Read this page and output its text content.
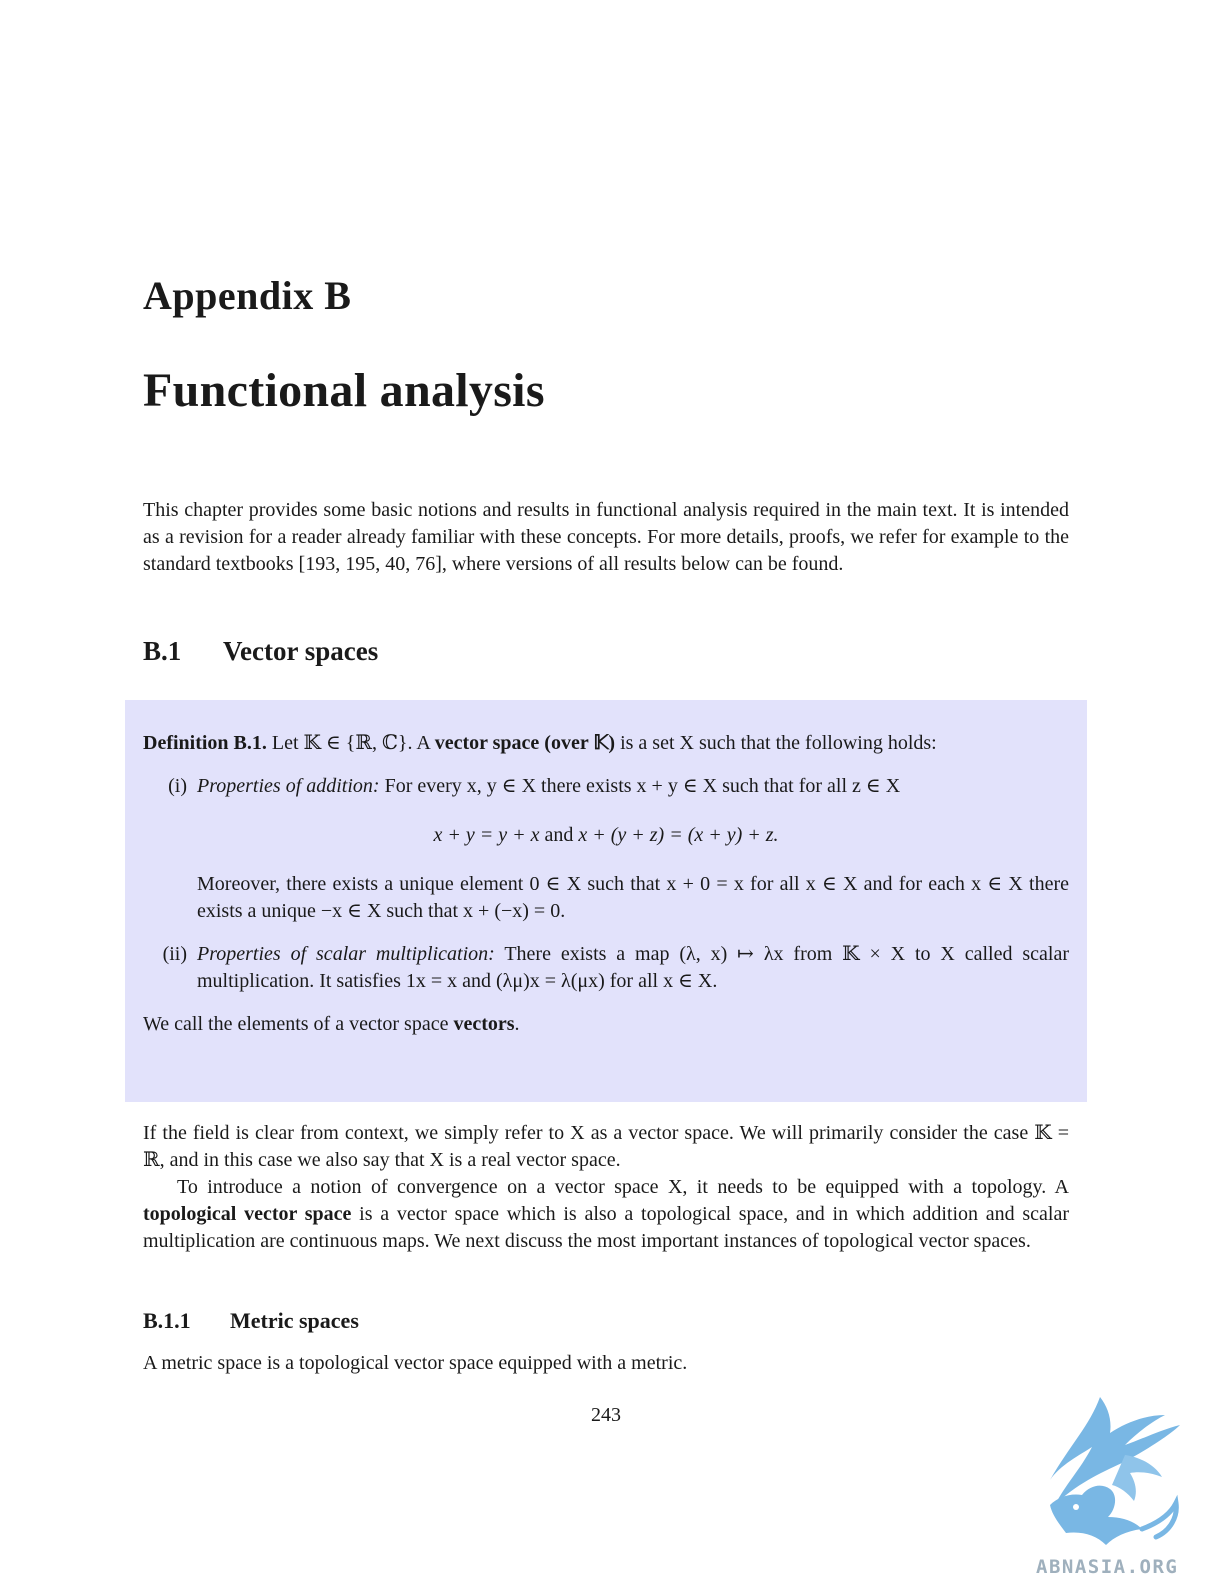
Appendix B
Functional analysis
This chapter provides some basic notions and results in functional analysis required in the main text. It is intended as a revision for a reader already familiar with these concepts. For more details, proofs, we refer for example to the standard textbooks [193, 195, 40, 76], where versions of all results below can be found.
B.1 Vector spaces

Definition B.1. Let 𝕂 ∈ {ℝ, ℂ}. A vector space (over 𝕂) is a set X such that the following holds:

(i) Properties of addition: For every x, y ∈ X there exists x + y ∈ X such that for all z ∈ X

x + y = y + x and x + (y + z) = (x + y) + z.

Moreover, there exists a unique element 0 ∈ X such that x + 0 = x for all x ∈ X and for each x ∈ X there exists a unique −x ∈ X such that x + (−x) = 0.

(ii) Properties of scalar multiplication: There exists a map (λ, x) ↦ λx from 𝕂 × X to X called scalar multiplication. It satisfies 1x = x and (λμ)x = λ(μx) for all x ∈ X.

We call the elements of a vector space vectors.

If the field is clear from context, we simply refer to X as a vector space. We will primarily consider the case 𝕂 = ℝ, and in this case we also say that X is a real vector space.

To introduce a notion of convergence on a vector space X, it needs to be equipped with a topology. A topological vector space is a vector space which is also a topological space, and in which addition and scalar multiplication are continuous maps. We next discuss the most important instances of topological vector spaces.

B.1.1 Metric spaces
A metric space is a topological vector space equipped with a metric.
243
ABNASIA.ORG
